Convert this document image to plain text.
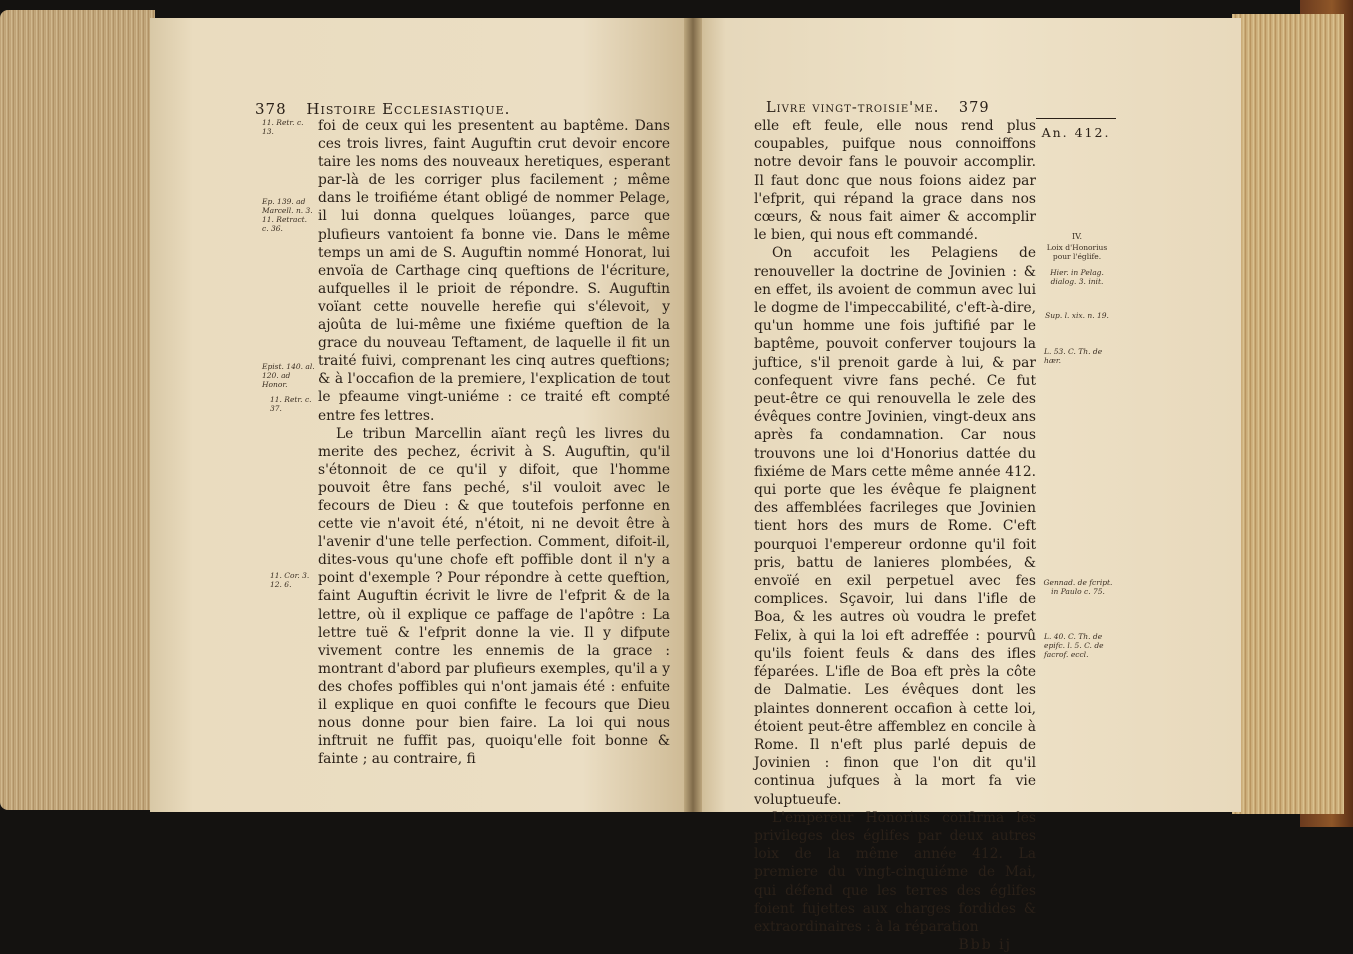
378 Histoire Ecclesiastique.
11. Retr. c. 13.
Ep. 139. ad Marcell. n. 3.
11. Retract. c. 36.
Epist. 140. al. 120. ad Honor.
11. Retr. c. 37.
11. Cor. 3. 12. 6.

foi de ceux qui les presentent au baptême. Dans ces trois livres, faint Auguftin crut devoir encore taire les noms des nouveaux heretiques, esperant par-là de les corriger plus facilement ; même dans le troifiéme étant obligé de nommer Pelage, il lui donna quelques loüanges, parce que plufieurs vantoient fa bonne vie. Dans le même temps un ami de S. Auguftin nommé Honorat, lui envoïa de Carthage cinq queftions de l'écriture, aufquelles il le prioit de répondre. S. Auguftin voïant cette nouvelle herefie qui s'élevoit, y ajoûta de lui-même une fixiéme queftion de la grace du nouveau Teftament, de laquelle il fit un traité fuivi, comprenant les cinq autres queftions; & à l'occafion de la premiere, l'explication de tout le pfeaume vingt-uniéme : ce traité eft compté entre fes lettres.

Le tribun Marcellin aïant reçû les livres du merite des pechez, écrivit à S. Auguftin, qu'il s'étonnoit de ce qu'il y difoit, que l'homme pouvoit être fans peché, s'il vouloit avec le fecours de Dieu : & que toutefois perfonne en cette vie n'avoit été, n'étoit, ni ne devoit être à l'avenir d'une telle perfection. Comment, difoit-il, dites-vous qu'une chofe eft poffible dont il n'y a point d'exemple ? Pour répondre à cette queftion, faint Auguftin écrivit le livre de l'efprit & de la lettre, où il explique ce paffage de l'apôtre : La lettre tuë & l'efprit donne la vie. Il y difpute vivement contre les ennemis de la grace : montrant d'abord par plufieurs exemples, qu'il a y des chofes poffibles qui n'ont jamais été : enfuite il explique en quoi confifte le fecours que Dieu nous donne pour bien faire. La loi qui nous inftruit ne fuffit pas, quoiqu'elle foit bonne & fainte ; au contraire, fi

Livre vingt-troisie'me. 379
An. 412.
IV.
Loix d'Honorius pour l'églife.
Hier. in Pelag. dialog. 3. init.
Sup. l. xix. n. 19.
L. 53. C. Th. de hær.
Gennad. de fcript. in Paulo c. 75.
L. 40. C. Th. de epifc. l. 5. C. de facrof. eccl.

elle eft feule, elle nous rend plus coupables, puifque nous connoiffons notre devoir fans le pouvoir accomplir. Il faut donc que nous foions aidez par l'efprit, qui répand la grace dans nos cœurs, & nous fait aimer & accomplir le bien, qui nous eft commandé.

On accufoit les Pelagiens de renouveller la doctrine de Jovinien : & en effet, ils avoient de commun avec lui le dogme de l'impeccabilité, c'eft-à-dire, qu'un homme une fois juftifié par le baptême, pouvoit conferver toujours la juftice, s'il prenoit garde à lui, & par confequent vivre fans peché. Ce fut peut-être ce qui renouvella le zele des évêques contre Jovinien, vingt-deux ans après fa condamnation. Car nous trouvons une loi d'Honorius dattée du fixiéme de Mars cette même année 412. qui porte que les évêque fe plaignent des affemblées facrileges que Jovinien tient hors des murs de Rome. C'eft pourquoi l'empereur ordonne qu'il foit pris, battu de lanieres plombées, & envoïé en exil perpetuel avec fes complices. Sçavoir, lui dans l'ifle de Boa, & les autres où voudra le prefet Felix, à qui la loi eft adreffée : pourvû qu'ils foient feuls & dans des ifles féparées. L'ifle de Boa eft près la côte de Dalmatie. Les évêques dont les plaintes donnerent occafion à cette loi, étoient peut-être affemblez en concile à Rome. Il n'eft plus parlé depuis de Jovinien : finon que l'on dit qu'il continua jufques à la mort fa vie voluptueufe.

L'empereur Honorius confirma les privileges des églifes par deux autres loix de la même année 412. La premiere du vingt-cinquiéme de Mai, qui défend que les terres des églifes foient fujettes aux charges fordides & extraordinaires : à la réparation

Bbb ij
